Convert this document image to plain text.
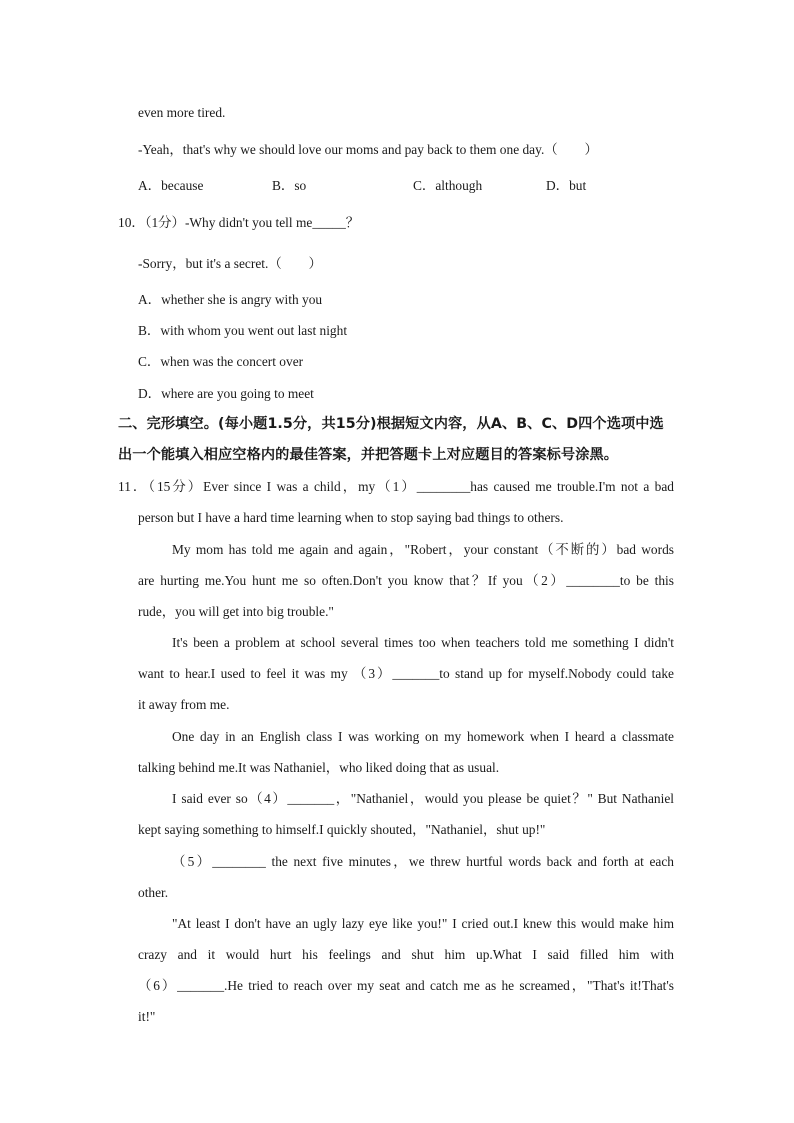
even more tired.
-Yeah，that's why we should love our moms and pay back to them one day.（　　）
A．because	B．so	C．although	D．but
10．（1分）-Why didn't you tell me_____？
-Sorry，but it's a secret.（　　）
A．whether she is angry with you
B．with whom you went out last night
C．when was the concert over
D．where are you going to meet
二、完形填空。(每小题1.5分，共15分)根据短文内容，从A、B、C、D四个选项中选
出一个能填入相应空格内的最佳答案，并把答题卡上对应题目的答案标号涂黑。
11．（15分）Ever since I was a child，my（1）________has caused me trouble.I'm not a bad
person but I have a hard time learning when to stop saying bad things to others.
My mom has told me again and again，"Robert，your constant（不断的）bad words
are hurting me.You hunt me so often.Don't you know that？If you（2）________to be this
rude，you will get into big trouble."
It's been a problem at school several times too when teachers told me something I didn't
want to hear.I used to feel it was my （3）_______to stand up for myself.Nobody could take
it away from me.
One day in an English class I was working on my homework when I heard a classmate
talking behind me.It was Nathaniel，who liked doing that as usual.
I said ever so（4）_______，"Nathaniel，would you please be quiet？" But Nathaniel
kept saying something to himself.I quickly shouted，"Nathaniel，shut up!"
（5）________ the next five minutes，we threw hurtful words back and forth at each
other.
"At least I don't have an ugly lazy eye like you!" I cried out.I knew this would make him
crazy and it would hurt his feelings and shut him up.What I said filled him with
（6）_______.He tried to reach over my seat and catch me as he screamed，"That's it!That's
it!"
